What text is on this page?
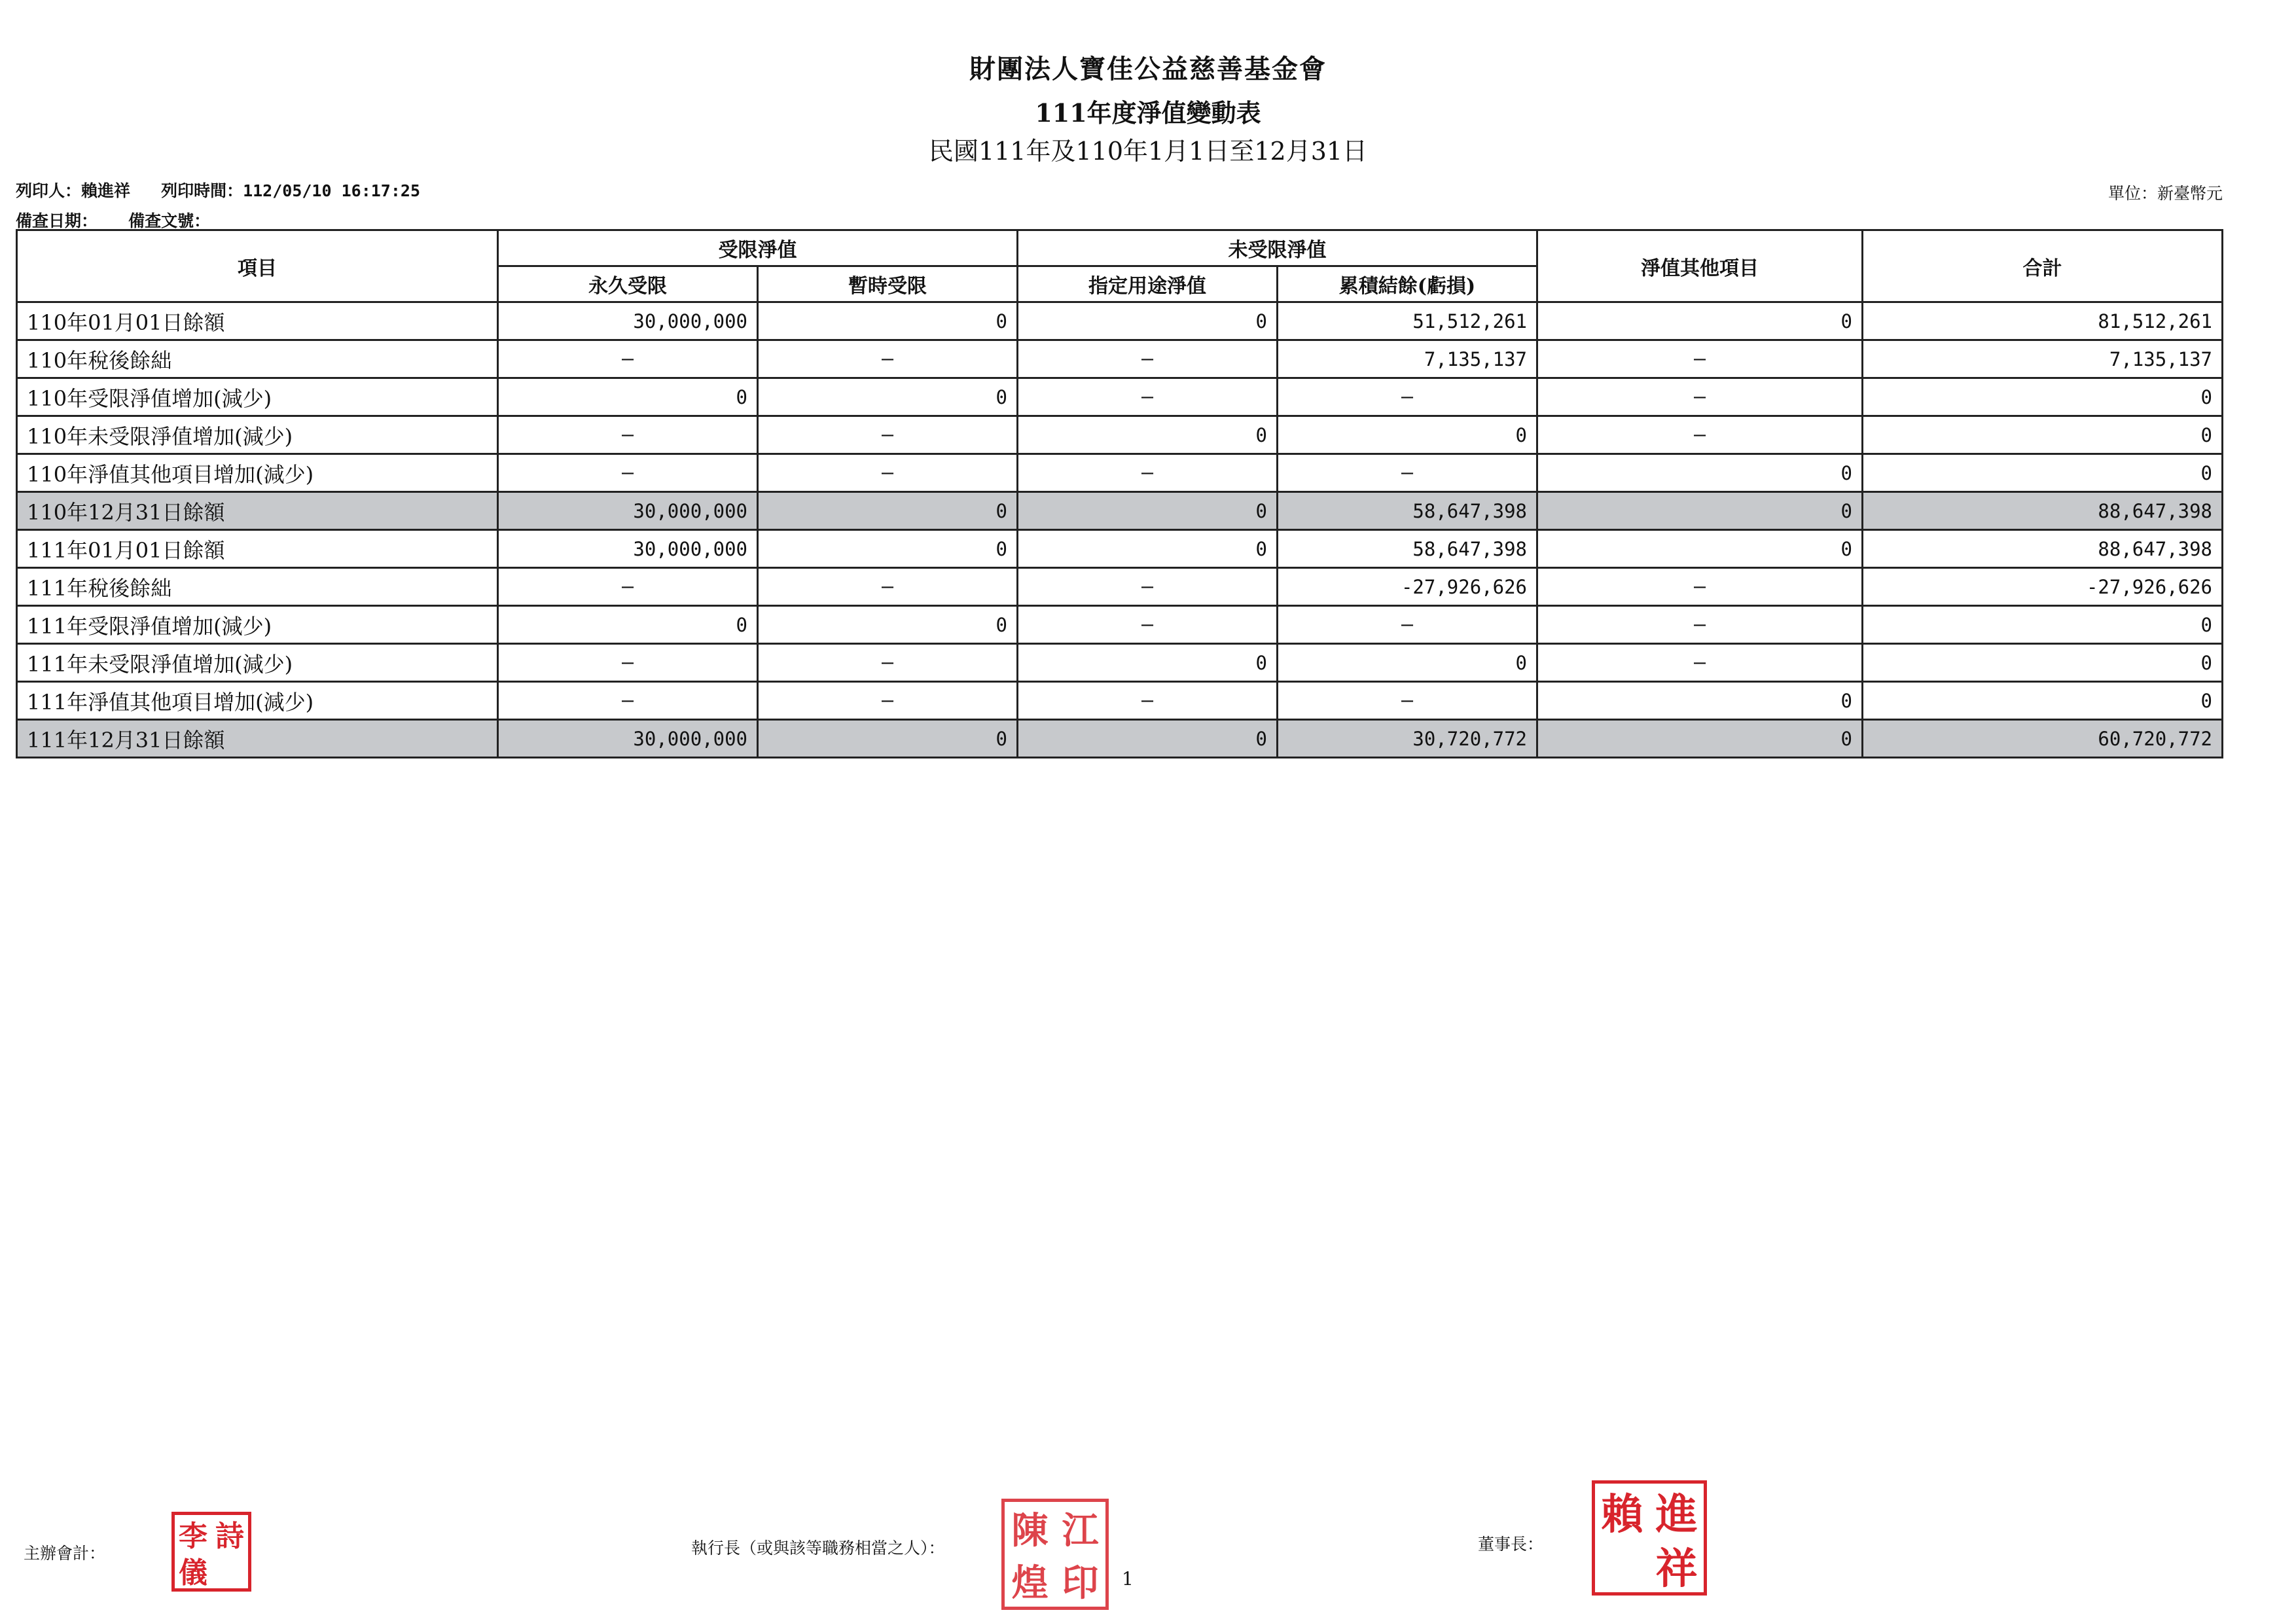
財團法人寶佳公益慈善基金會
111年度淨值變動表
民國111年及110年1月1日至12月31日
列印人：賴進祥 列印時間：112/05/10 16:17:25
備查日期： 備查文號：
單位：新臺幣元
項目	受限淨值		未受限淨值		淨值其他項目	合計
	永久受限	暫時受限	指定用途淨值	累積結餘(虧損)		
110年01月01日餘額	30,000,000	0	0	51,512,261	0	81,512,261
110年稅後餘絀	—	—	—	7,135,137	—	7,135,137
110年受限淨值增加(減少)	0	0	—	—	—	0
110年未受限淨值增加(減少)	—	—	0	0	—	0
110年淨值其他項目增加(減少)	—	—	—	—	0	0
110年12月31日餘額	30,000,000	0	0	58,647,398	0	88,647,398
111年01月01日餘額	30,000,000	0	0	58,647,398	0	88,647,398
111年稅後餘絀	—	—	—	-27,926,626	—	-27,926,626
111年受限淨值增加(減少)	0	0	—	—	—	0
111年未受限淨值增加(減少)	—	—	0	0	—	0
111年淨值其他項目增加(減少)	—	—	—	—	0	0
111年12月31日餘額	30,000,000	0	0	30,720,772	0	60,720,772
主辦會計：
李 詩
儀
執行長（或與該等職務相當之人）： 陳 江
煌 印	1
董事長：
賴 進
祥
